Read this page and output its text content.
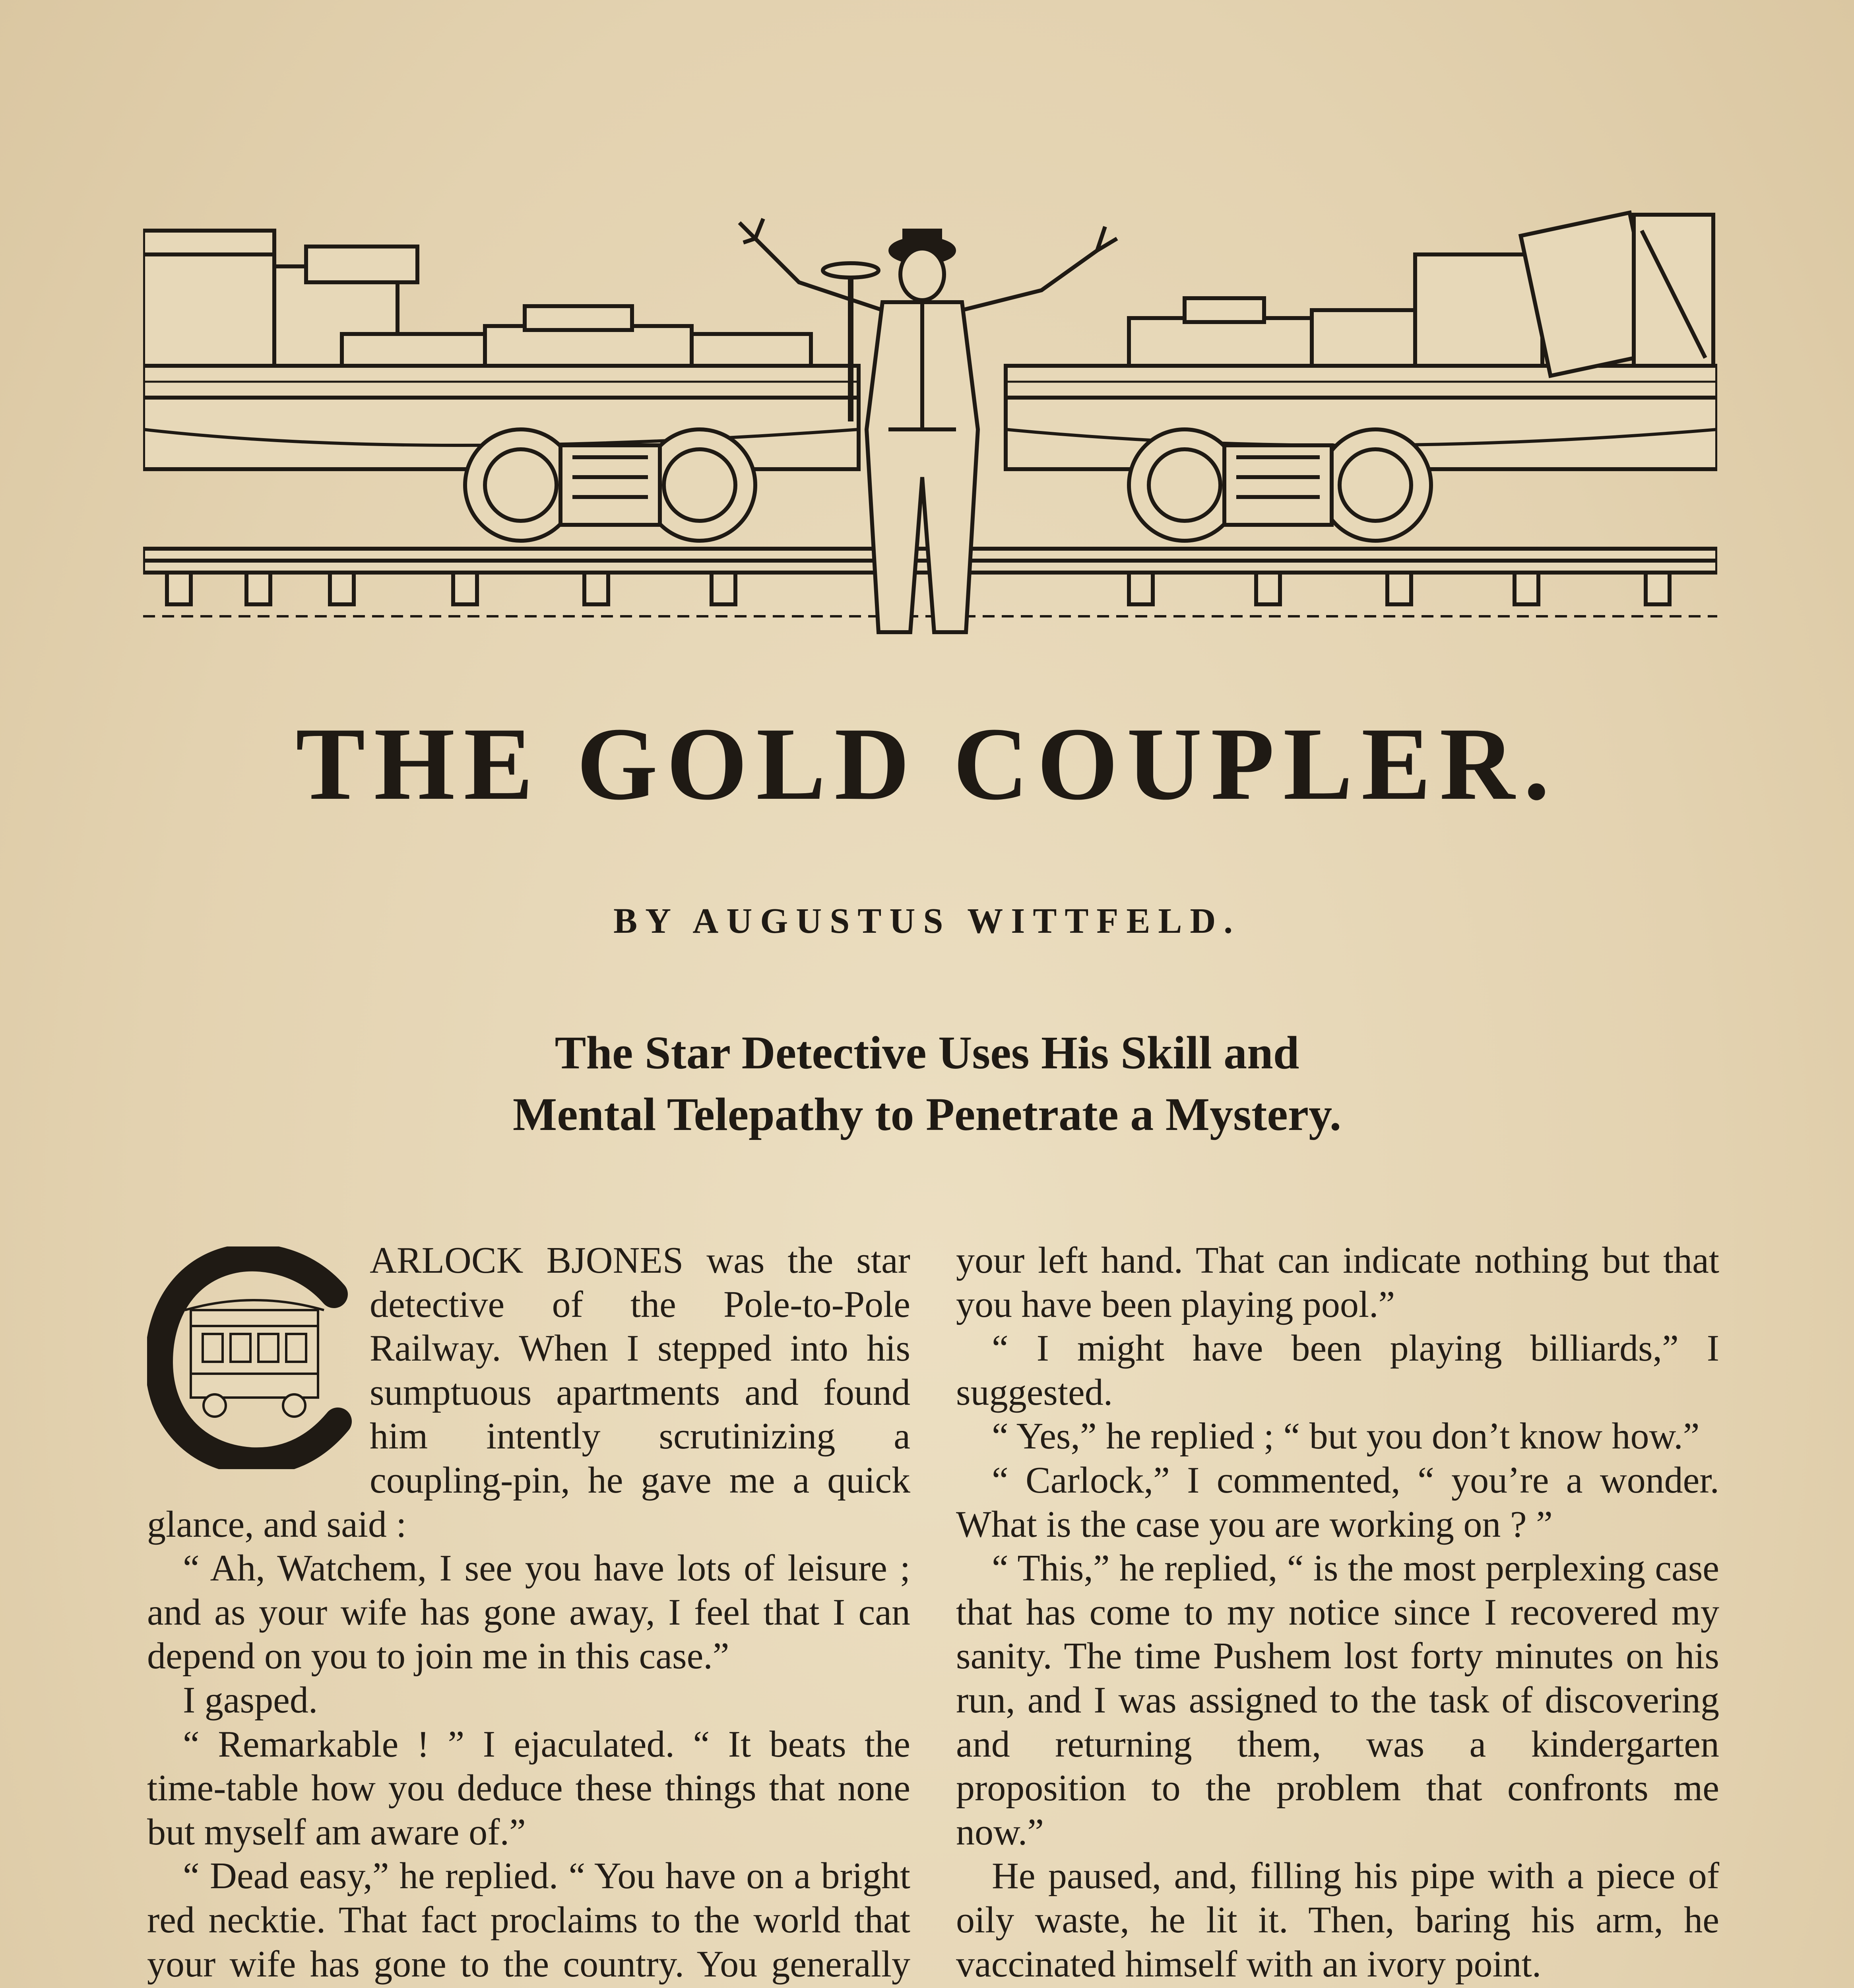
THE GOLD COUPLER.
BY AUGUSTUS WITTFELD.
The Star Detective Uses His Skill and
Mental Telepathy to Penetrate a Mystery.

ARLOCK BJONES was the star detective of the Pole-to-Pole Railway. When I stepped into his sumptuous apartments and found him intently scrutinizing a coupling-pin, he gave me a quick glance, and said :

“ Ah, Watchem, I see you have lots of leisure ; and as your wife has gone away, I feel that I can depend on you to join me in this case.”

I gasped.

“ Remarkable ! ” I ejaculated. “ It beats the time-table how you deduce these things that none but myself am aware of.”

“ Dead easy,” he replied. “ You have on a bright red necktie. That fact proclaims to the world that your wife has gone to the country. You generally

your left hand. That can indicate nothing but that you have been playing pool.”

“ I might have been playing billiards,” I suggested.

“ Yes,” he replied ; “ but you don’t know how.”

“ Carlock,” I commented, “ you’re a wonder. What is the case you are working on ? ”

“ This,” he replied, “ is the most perplexing case that has come to my notice since I recovered my sanity. The time Pushem lost forty minutes on his run, and I was assigned to the task of discovering and returning them, was a kindergarten proposition to the problem that confronts me now.”

He paused, and, filling his pipe with a piece of oily waste, he lit it. Then, baring his arm, he vaccinated himself with an ivory point.
